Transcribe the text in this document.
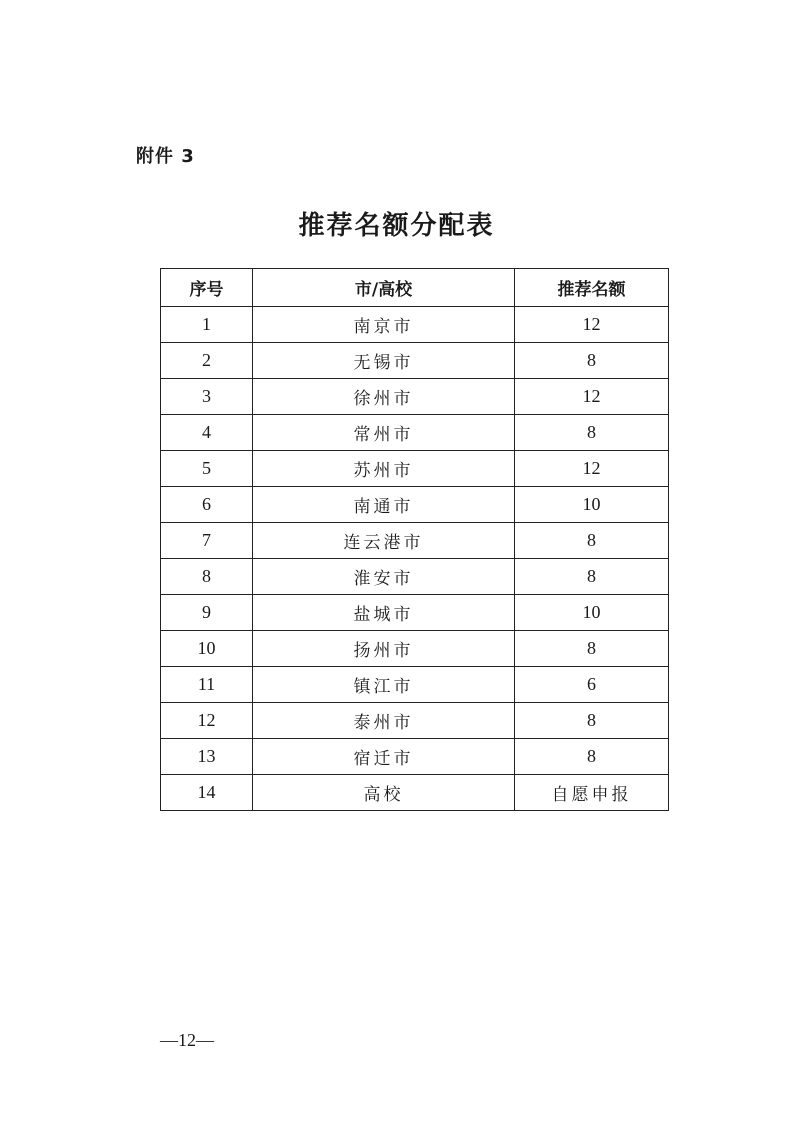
附件 3
推荐名额分配表
序号	市/高校	推荐名额
1	南京市	12
2	无锡市	8
3	徐州市	12
4	常州市	8
5	苏州市	12
6	南通市	10
7	连云港市	8
8	淮安市	8
9	盐城市	10
10	扬州市	8
11	镇江市	6
12	泰州市	8
13	宿迁市	8
14	高校	自愿申报
—12—
